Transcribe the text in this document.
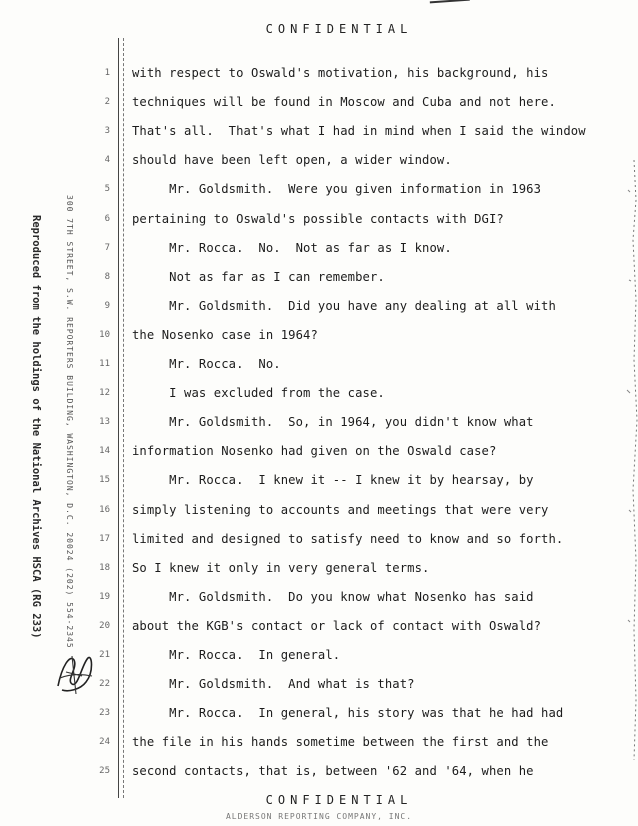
CONFIDENTIAL
Reproduced from the holdings of the National Archives HSCA (RG 233)	300 7TH STREET, S.W. REPORTERS BUILDING, WASHINGTON, D.C. 20024 (202) 554-2345
1 with respect to Oswald's motivation, his background, his
2 techniques will be found in Moscow and Cuba and not here.
3 That's all.  That's what I had in mind when I said the window
4 should have been left open, a wider window.
5 Mr. Goldsmith.  Were you given information in 1963
6 pertaining to Oswald's possible contacts with DGI?
7 Mr. Rocca.  No.  Not as far as I know.
8 Not as far as I can remember.
9 Mr. Goldsmith.  Did you have any dealing at all with
10 the Nosenko case in 1964?
11 Mr. Rocca.  No.
12 I was excluded from the case.
13 Mr. Goldsmith.  So, in 1964, you didn't know what
14 information Nosenko had given on the Oswald case?
15 Mr. Rocca.  I knew it -- I knew it by hearsay, by
16 simply listening to accounts and meetings that were very
17 limited and designed to satisfy need to know and so forth.
18 So I knew it only in very general terms.
19 Mr. Goldsmith.  Do you know what Nosenko has said
20 about the KGB's contact or lack of contact with Oswald?
21 Mr. Rocca.  In general.
22 Mr. Goldsmith.  And what is that?
23 Mr. Rocca.  In general, his story was that he had had
24 the file in his hands sometime between the first and the
25 second contacts, that is, between '62 and '64, when he
CONFIDENTIAL
ALDERSON REPORTING COMPANY, INC.
